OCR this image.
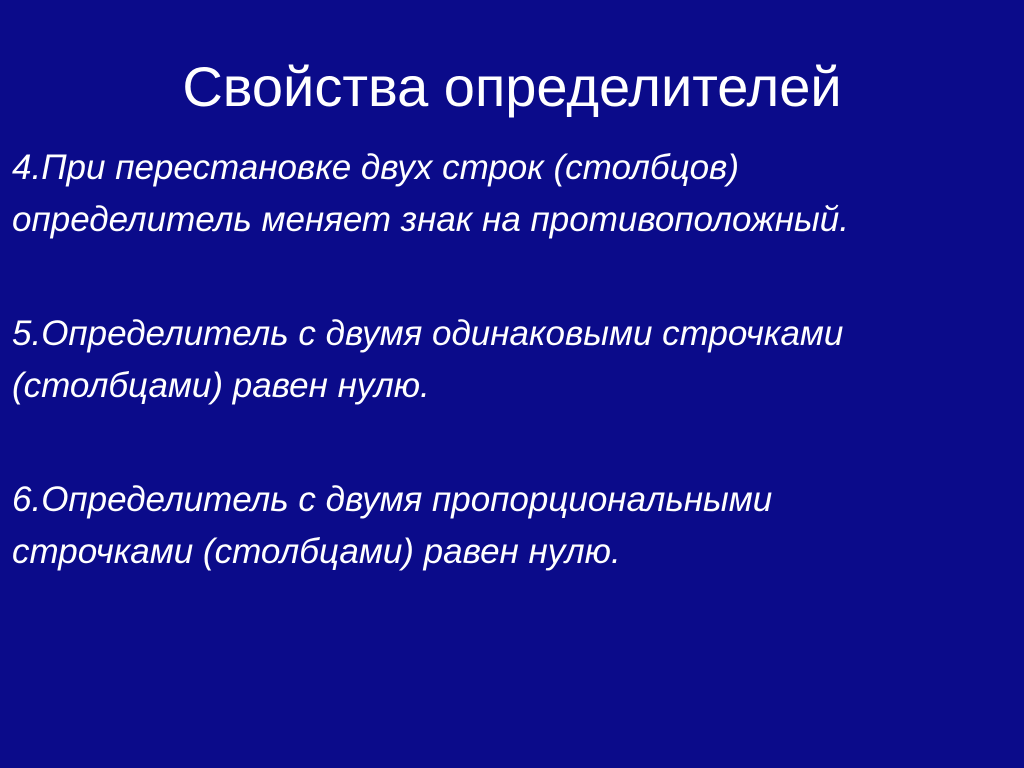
Свойства определителей
4.При перестановке двух строк (столбцов)
определитель меняет знак на противоположный.
5.Определитель с двумя одинаковыми строчками
(столбцами) равен нулю.
6.Определитель с двумя пропорциональными
строчками (столбцами) равен нулю.
